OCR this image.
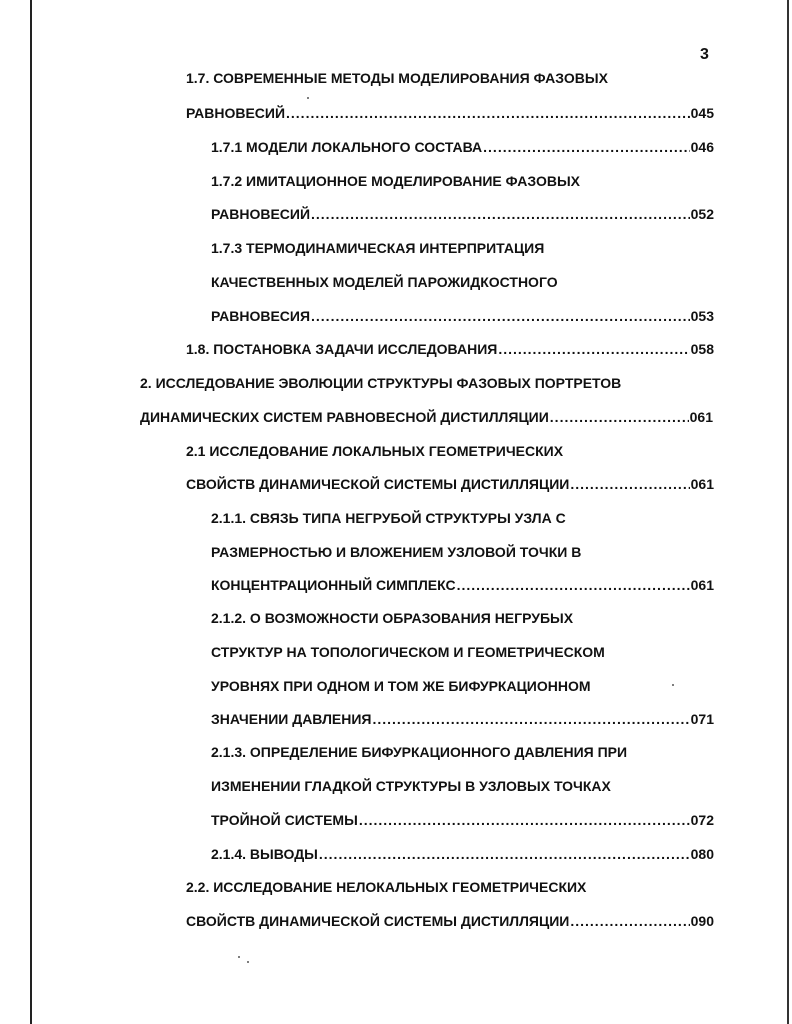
3
1.7. СОВРЕМЕННЫЕ МЕТОДЫ МОДЕЛИРОВАНИЯ ФАЗОВЫХ
РАВНОВЕСИЙ .....	045
1.7.1 МОДЕЛИ ЛОКАЛЬНОГО СОСТАВА .....	046
1.7.2 ИМИТАЦИОННОЕ МОДЕЛИРОВАНИЕ ФАЗОВЫХ
РАВНОВЕСИЙ .....	052
1.7.3 ТЕРМОДИНАМИЧЕСКАЯ ИНТЕРПРИТАЦИЯ
КАЧЕСТВЕННЫХ МОДЕЛЕЙ ПАРОЖИДКОСТНОГО
РАВНОВЕСИЯ .....	053
1.8. ПОСТАНОВКА ЗАДАЧИ ИССЛЕДОВАНИЯ .....	058
2. ИССЛЕДОВАНИЕ ЭВОЛЮЦИИ СТРУКТУРЫ ФАЗОВЫХ ПОРТРЕТОВ
ДИНАМИЧЕСКИХ СИСТЕМ РАВНОВЕСНОЙ ДИСТИЛЛЯЦИИ .....	061
2.1 ИССЛЕДОВАНИЕ ЛОКАЛЬНЫХ ГЕОМЕТРИЧЕСКИХ
СВОЙСТВ ДИНАМИЧЕСКОЙ СИСТЕМЫ ДИСТИЛЛЯЦИИ .....	061
2.1.1. СВЯЗЬ ТИПА НЕГРУБОЙ СТРУКТУРЫ УЗЛА С
РАЗМЕРНОСТЬЮ И ВЛОЖЕНИЕМ УЗЛОВОЙ ТОЧКИ В
КОНЦЕНТРАЦИОННЫЙ СИМПЛЕКС .....	061
2.1.2. О ВОЗМОЖНОСТИ ОБРАЗОВАНИЯ НЕГРУБЫХ
СТРУКТУР НА ТОПОЛОГИЧЕСКОМ И ГЕОМЕТРИЧЕСКОМ
УРОВНЯХ ПРИ ОДНОМ И ТОМ ЖЕ БИФУРКАЦИОННОМ
ЗНАЧЕНИИ ДАВЛЕНИЯ .....	071
2.1.3. ОПРЕДЕЛЕНИЕ БИФУРКАЦИОННОГО ДАВЛЕНИЯ ПРИ
ИЗМЕНЕНИИ ГЛАДКОЙ СТРУКТУРЫ В УЗЛОВЫХ ТОЧКАХ
ТРОЙНОЙ СИСТЕМЫ .....	072
2.1.4. ВЫВОДЫ .....	080
2.2. ИССЛЕДОВАНИЕ НЕЛОКАЛЬНЫХ ГЕОМЕТРИЧЕСКИХ
СВОЙСТВ ДИНАМИЧЕСКОЙ СИСТЕМЫ ДИСТИЛЛЯЦИИ .....	090
